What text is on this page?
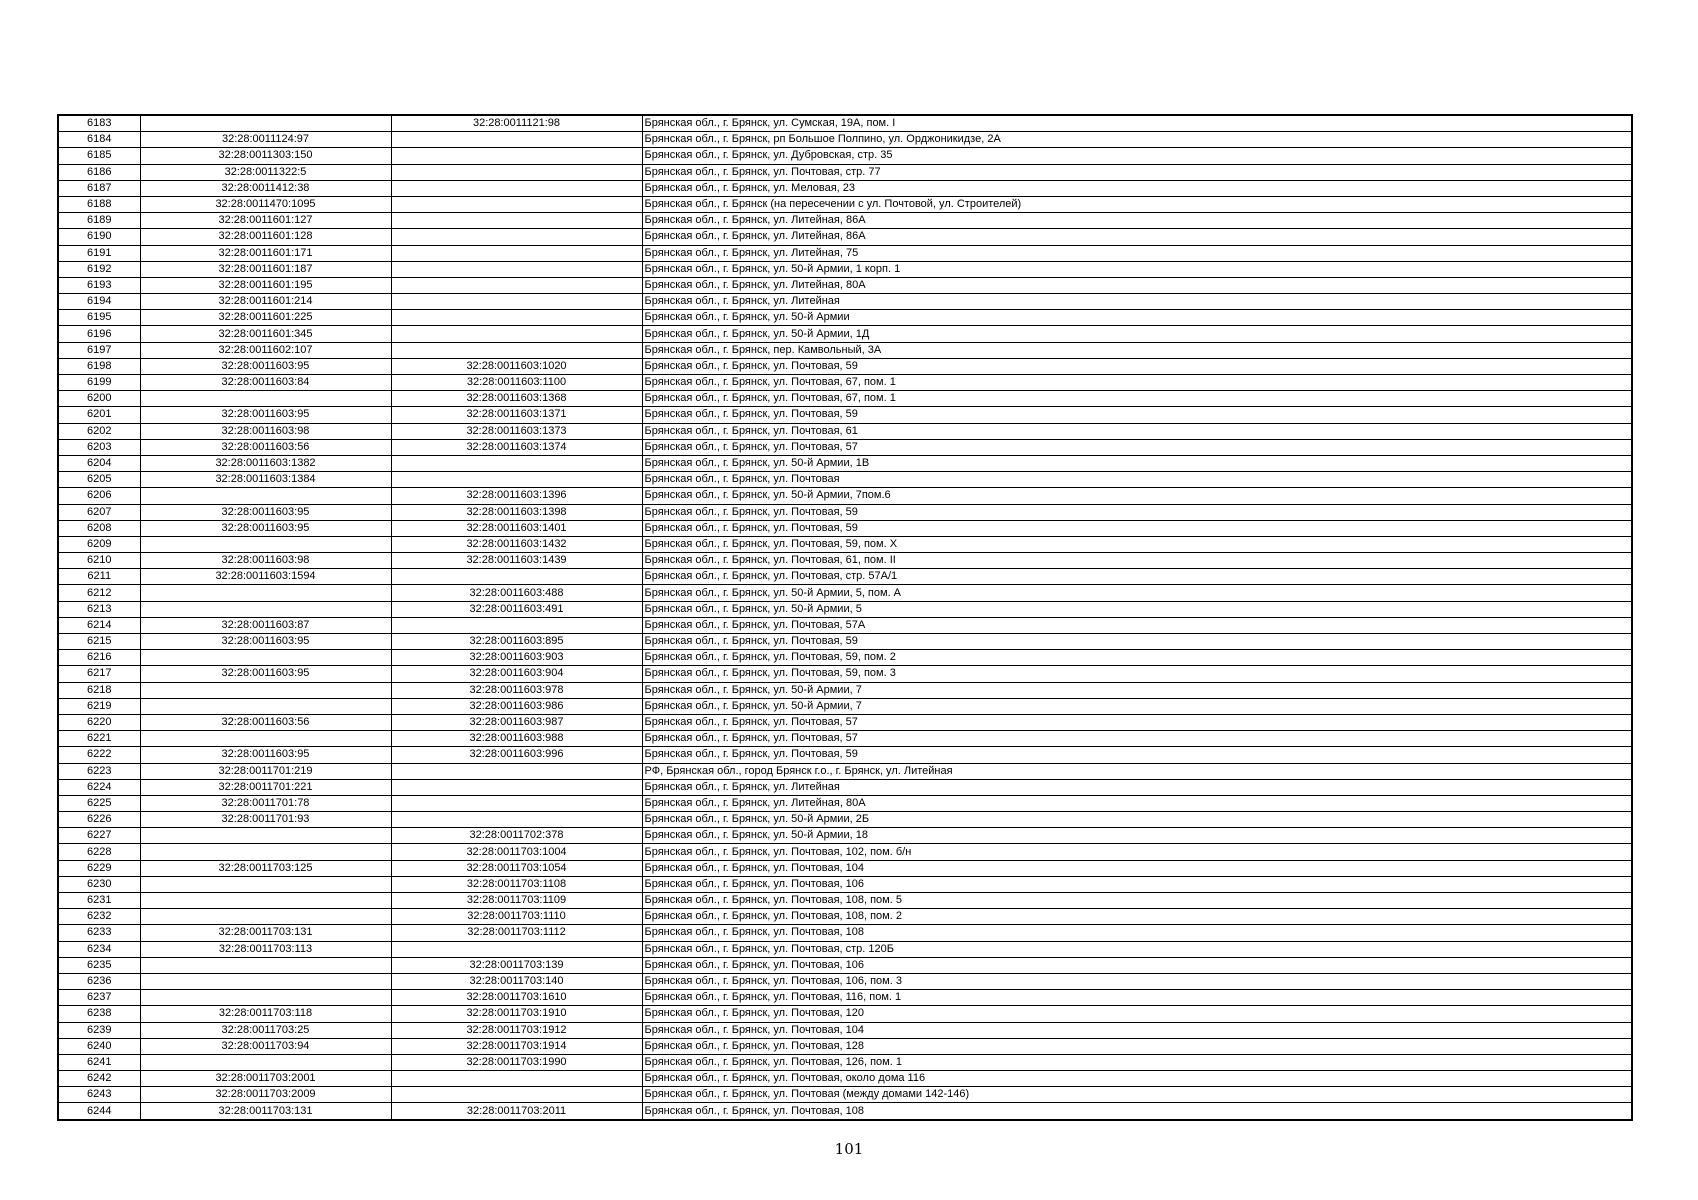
6183		32:28:0011121:98	Брянская обл., г. Брянск, ул. Сумская, 19А, пом. I
6184	32:28:0011124:97		Брянская обл., г. Брянск, рп Большое Полпино, ул. Орджоникидзе, 2А
6185	32:28:0011303:150		Брянская обл., г. Брянск, ул. Дубровская, стр. 35
6186	32:28:0011322:5		Брянская обл., г. Брянск, ул. Почтовая, стр. 77
6187	32:28:0011412:38		Брянская обл., г. Брянск, ул. Меловая, 23
6188	32:28:0011470:1095		Брянская обл., г. Брянск (на пересечении с ул. Почтовой, ул. Строителей)
6189	32:28:0011601:127		Брянская обл., г. Брянск, ул. Литейная, 86А
6190	32:28:0011601:128		Брянская обл., г. Брянск, ул. Литейная, 86А
6191	32:28:0011601:171		Брянская обл., г. Брянск, ул. Литейная, 75
6192	32:28:0011601:187		Брянская обл., г. Брянск, ул. 50-й Армии, 1 корп. 1
6193	32:28:0011601:195		Брянская обл., г. Брянск, ул. Литейная, 80А
6194	32:28:0011601:214		Брянская обл., г. Брянск, ул. Литейная
6195	32:28:0011601:225		Брянская обл., г. Брянск, ул. 50-й Армии
6196	32:28:0011601:345		Брянская обл., г. Брянск, ул. 50-й Армии, 1Д
6197	32:28:0011602:107		Брянская обл., г. Брянск, пер. Камвольный, 3А
6198	32:28:0011603:95	32:28:0011603:1020	Брянская обл., г. Брянск, ул. Почтовая, 59
6199	32:28:0011603:84	32:28:0011603:1100	Брянская обл., г. Брянск, ул. Почтовая, 67, пом. 1
6200		32:28:0011603:1368	Брянская обл., г. Брянск, ул. Почтовая, 67, пом. 1
6201	32:28:0011603:95	32:28:0011603:1371	Брянская обл., г. Брянск, ул. Почтовая, 59
6202	32:28:0011603:98	32:28:0011603:1373	Брянская обл., г. Брянск, ул. Почтовая, 61
6203	32:28:0011603:56	32:28:0011603:1374	Брянская обл., г. Брянск, ул. Почтовая, 57
6204	32:28:0011603:1382		Брянская обл., г. Брянск, ул. 50-й Армии, 1В
6205	32:28:0011603:1384		Брянская обл., г. Брянск, ул. Почтовая
6206		32:28:0011603:1396	Брянская обл., г. Брянск, ул. 50-й Армии, 7пом.6
6207	32:28:0011603:95	32:28:0011603:1398	Брянская обл., г. Брянск, ул. Почтовая, 59
6208	32:28:0011603:95	32:28:0011603:1401	Брянская обл., г. Брянск, ул. Почтовая, 59
6209		32:28:0011603:1432	Брянская обл., г. Брянск, ул. Почтовая, 59, пом. X
6210	32:28:0011603:98	32:28:0011603:1439	Брянская обл., г. Брянск, ул. Почтовая, 61, пом. II
6211	32:28:0011603:1594		Брянская обл., г. Брянск, ул. Почтовая, стр. 57А/1
6212		32:28:0011603:488	Брянская обл., г. Брянск, ул. 50-й Армии, 5, пом. А
6213		32:28:0011603:491	Брянская обл., г. Брянск, ул. 50-й Армии, 5
6214	32:28:0011603:87		Брянская обл., г. Брянск, ул. Почтовая, 57А
6215	32:28:0011603:95	32:28:0011603:895	Брянская обл., г. Брянск, ул. Почтовая, 59
6216		32:28:0011603:903	Брянская обл., г. Брянск, ул. Почтовая, 59, пом. 2
6217	32:28:0011603:95	32:28:0011603:904	Брянская обл., г. Брянск, ул. Почтовая, 59, пом. 3
6218		32:28:0011603:978	Брянская обл., г. Брянск, ул. 50-й Армии, 7
6219		32:28:0011603:986	Брянская обл., г. Брянск, ул. 50-й Армии, 7
6220	32:28:0011603:56	32:28:0011603:987	Брянская обл., г. Брянск, ул. Почтовая, 57
6221		32:28:0011603:988	Брянская обл., г. Брянск, ул. Почтовая, 57
6222	32:28:0011603:95	32:28:0011603:996	Брянская обл., г. Брянск, ул. Почтовая, 59
6223	32:28:0011701:219		РФ, Брянская обл., город Брянск г.о., г. Брянск, ул. Литейная
6224	32:28:0011701:221		Брянская обл., г. Брянск, ул. Литейная
6225	32:28:0011701:78		Брянская обл., г. Брянск, ул. Литейная, 80А
6226	32:28:0011701:93		Брянская обл., г. Брянск, ул. 50-й Армии, 2Б
6227		32:28:0011702:378	Брянская обл., г. Брянск, ул. 50-й Армии, 18
6228		32:28:0011703:1004	Брянская обл., г. Брянск, ул. Почтовая, 102, пом. б/н
6229	32:28:0011703:125	32:28:0011703:1054	Брянская обл., г. Брянск, ул. Почтовая, 104
6230		32:28:0011703:1108	Брянская обл., г. Брянск, ул. Почтовая, 106
6231		32:28:0011703:1109	Брянская обл., г. Брянск, ул. Почтовая, 108, пом. 5
6232		32:28:0011703:1110	Брянская обл., г. Брянск, ул. Почтовая, 108, пом. 2
6233	32:28:0011703:131	32:28:0011703:1112	Брянская обл., г. Брянск, ул. Почтовая, 108
6234	32:28:0011703:113		Брянская обл., г. Брянск, ул. Почтовая, стр. 120Б
6235		32:28:0011703:139	Брянская обл., г. Брянск, ул. Почтовая, 106
6236		32:28:0011703:140	Брянская обл., г. Брянск, ул. Почтовая, 106, пом. 3
6237		32:28:0011703:1610	Брянская обл., г. Брянск, ул. Почтовая, 116, пом. 1
6238	32:28:0011703:118	32:28:0011703:1910	Брянская обл., г. Брянск, ул. Почтовая, 120
6239	32:28:0011703:25	32:28:0011703:1912	Брянская обл., г. Брянск, ул. Почтовая, 104
6240	32:28:0011703:94	32:28:0011703:1914	Брянская обл., г. Брянск, ул. Почтовая, 128
6241		32:28:0011703:1990	Брянская обл., г. Брянск, ул. Почтовая, 126, пом. 1
6242	32:28:0011703:2001		Брянская обл., г. Брянск, ул. Почтовая, около дома 116
6243	32:28:0011703:2009		Брянская обл., г. Брянск, ул. Почтовая (между домами 142-146)
6244	32:28:0011703:131	32:28:0011703:2011	Брянская обл., г. Брянск, ул. Почтовая, 108
101
